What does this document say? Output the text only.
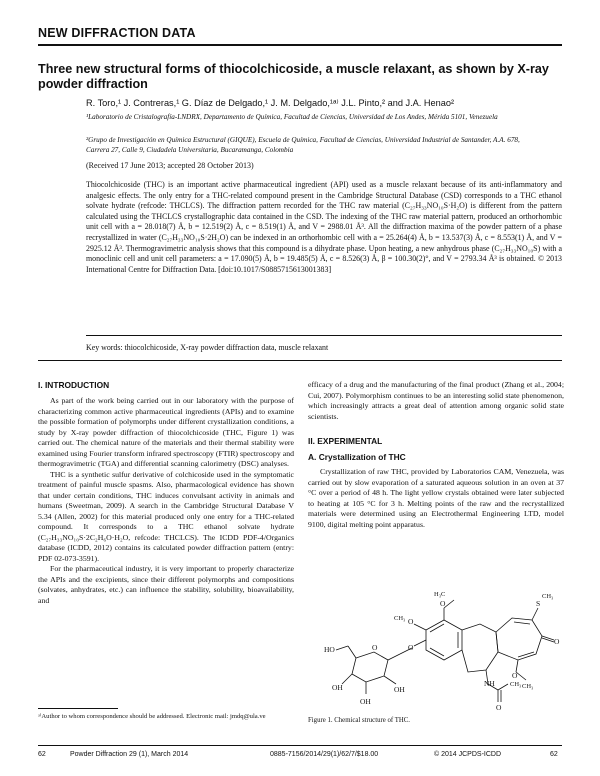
NEW DIFFRACTION DATA
Three new structural forms of thiocolchicoside, a muscle relaxant, as shown by X-ray powder diffraction
R. Toro,¹ J. Contreras,¹ G. Díaz de Delgado,¹ J. M. Delgado,¹ᵃ⁾ J.L. Pinto,² and J.A. Henao²
¹Laboratorio de Cristalografía-LNDRX, Departamento de Química, Facultad de Ciencias, Universidad de Los Andes, Mérida 5101, Venezuela
²Grupo de Investigación en Química Estructural (GIQUE), Escuela de Química, Facultad de Ciencias, Universidad Industrial de Santander, A.A. 678, Carrera 27, Calle 9, Ciudadela Universitaria, Bucaramanga, Colombia
(Received 17 June 2013; accepted 28 October 2013)
Thiocolchicoside (THC) is an important active pharmaceutical ingredient (API) used as a muscle relaxant because of its anti-inflammatory and analgesic effects. The only entry for a THC-related compound present in the Cambridge Structural Database (CSD) corresponds to a THC ethanol solvate hydrate (refcode: THCLCS). The diffraction pattern recorded for the THC raw material (C₂₇H₃₃NO₁₀S·H₂O) is different from the pattern calculated using the THCLCS crystallographic data contained in the CSD. The indexing of the THC raw material pattern, produced an orthorhombic unit cell with a = 28.018(7) Å, b = 12.519(2) Å, c = 8.519(1) Å, and V = 2988.01 Å³. All the diffraction maxima of the powder pattern of a phase recrystallized in water (C₂₇H₃₃NO₁₀S·2H₂O) can be indexed in an orthorhombic cell with a = 25.264(4) Å, b = 13.537(3) Å, c = 8.553(1) Å, and V = 2925.12 Å³. Thermogravimetric analysis shows that this compound is a dihydrate phase. Upon heating, a new anhydrous phase (C₂₇H₃₃NO₁₀S) with a monoclinic cell and unit cell parameters: a = 17.090(5) Å, b = 19.485(5) Å, c = 8.526(3) Å, β = 100.30(2)°, and V = 2793.34 Å³ is obtained. © 2013 International Centre for Diffraction Data. [doi:10.1017/S0885715613001383]
Key words: thiocolchicoside, X-ray powder diffraction data, muscle relaxant
I. INTRODUCTION
As part of the work being carried out in our laboratory with the purpose of characterizing common active pharmaceutical ingredients (APIs) and to examine the possible formation of polymorphs under different crystallization conditions, a study by X-ray powder diffraction of thiocolchicoside (THC, Figure 1) was carried out. The chemical nature of the materials and their thermal stability were examined using Fourier transform infrared spectroscopy (FTIR) spectroscopy and thermogravimetric (TGA) and differential scanning calorimetry (DSC) analyses.
THC is a synthetic sulfur derivative of colchicoside used in the symptomatic treatment of painful muscle spasms. Also, pharmacological evidence has shown that under certain conditions, THC induces convulsant activity in animals and humans (Sweetman, 2009). A search in the Cambridge Structural Database V 5.34 (Allen, 2002) for this material produced only one entry for a THC-related compound. It corresponds to a THC ethanol solvate hydrate (C₂₇H₃₃NO₁₀S·2C₂H₆O·H₂O, refcode: THCLCS). The ICDD PDF-4/Organics database (ICDD, 2012) contains its calculated powder diffraction pattern (entry: PDF 02-073-3591).
For the pharmaceutical industry, it is very important to properly characterize the APIs and the excipients, since their different polymorphs and compositions (solvates, anhydrates, etc.) can influence the stability, solubility, bioavailability, and
efficacy of a drug and the manufacturing of the final product (Zhang et al., 2004; Cui, 2007). Polymorphism continues to be an interesting solid state phenomenon, which increasingly attracts a great deal of attention among organic solid state scientists.
II. EXPERIMENTAL
A. Crystallization of THC
Crystallization of raw THC, provided by Laboratorios CAM, Venezuela, was carried out by slow evaporation of a saturated aqueous solution in an oven at 37 °C over a period of 48 h. The light yellow crystals obtained were later subjected to heating at 105 °C for 3 h. Melting points of the raw and the recrystallized materials were determined using an Electrothermal Engineering LTD, model 9100, digital melting point apparatus.
S
CH₃
O
O
CH₃
O
H₃C
O
CH₃
O
O
HO
OH
OH
OH
NH
O
CH₃
Figure 1. Chemical structure of THC.
ᵃ⁾Author to whom correspondence should be addressed. Electronic mail: jmdq@ula.ve
62	Powder Diffraction 29 (1), March 2014	0885-7156/2014/29(1)/62/7/$18.00	© 2014 JCPDS-ICDD	62
